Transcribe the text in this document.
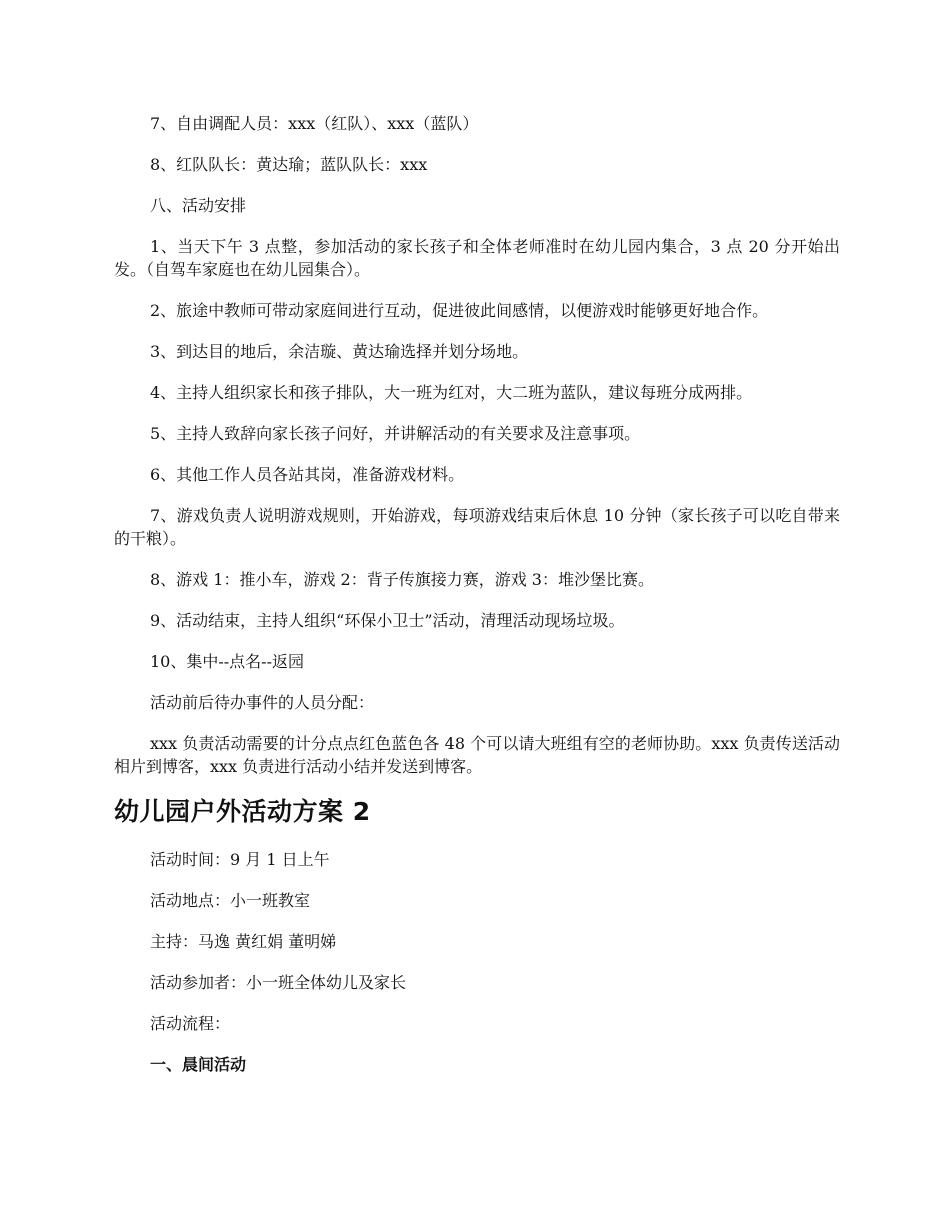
7、自由调配人员：xxx（红队）、xxx（蓝队）

8、红队队长：黄达瑜；蓝队队长：xxx

八、活动安排

1、当天下午 3 点整，参加活动的家长孩子和全体老师准时在幼儿园内集合，3 点 20 分开始出发。（自驾车家庭也在幼儿园集合）。

2、旅途中教师可带动家庭间进行互动，促进彼此间感情，以便游戏时能够更好地合作。

3、到达目的地后，余洁璇、黄达瑜选择并划分场地。

4、主持人组织家长和孩子排队，大一班为红对，大二班为蓝队，建议每班分成两排。

5、主持人致辞向家长孩子问好，并讲解活动的有关要求及注意事项。

6、其他工作人员各站其岗，准备游戏材料。

7、游戏负责人说明游戏规则，开始游戏，每项游戏结束后休息 10 分钟（家长孩子可以吃自带来的干粮）。

8、游戏 1：推小车，游戏 2：背子传旗接力赛，游戏 3：堆沙堡比赛。

9、活动结束，主持人组织“环保小卫士”活动，清理活动现场垃圾。

10、集中--点名--返园

活动前后待办事件的人员分配：

xxx 负责活动需要的计分点点红色蓝色各 48 个可以请大班组有空的老师协助。xxx 负责传送活动相片到博客，xxx 负责进行活动小结并发送到博客。

幼儿园户外活动方案 2

活动时间：9 月 1 日上午

活动地点：小一班教室

主持：马逸 黄红娟 董明娣

活动参加者：小一班全体幼儿及家长

活动流程：

一、晨间活动
